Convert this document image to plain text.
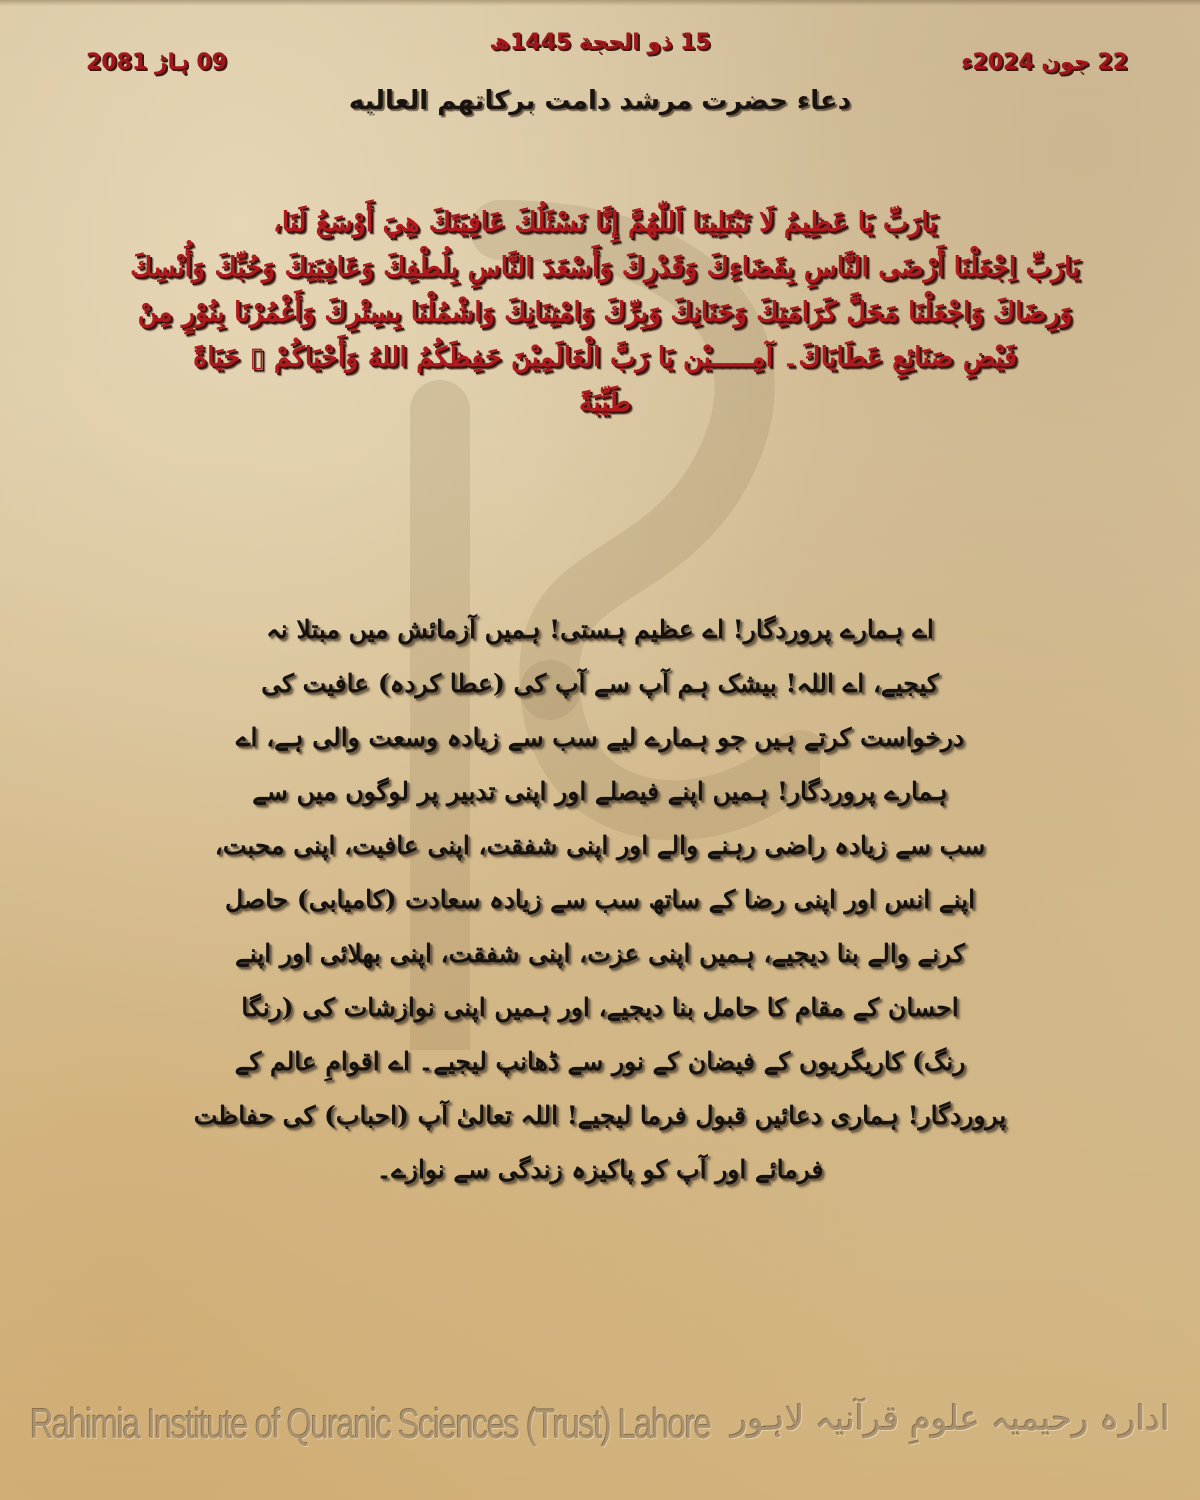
15 ذو الحجة 1445ھ
22 جون 2024ء
09 ہاڑ 2081
دعاء حضرت مرشد دامت برکاتهم العالیه
يَارَبِّ يَا عَظِيمُ لَا تَبْتَلِينَا اَللّٰهُمَّ إِنَّا نَسْئَلُكَ عَافِيَتَكَ هِيَ أَوْسَعُ لَنَا،
يَارَبِّ اِجْعَلْنَا أَرْضَى النَّاسِ بِقَضَاءِكَ وَقَدْرِكَ وَأَسْعَدَ النَّاسِ بِلُطْفِكَ وَعَافِيَتِكَ وَحُبِّكَ وَأُنْسِكَ
وَرِضَاكَ وَاجْعَلْنَا مَحَلَّ كَرَامَتِكَ وَحَنَانِكَ وَبِرِّكَ وَامْتِنَانِكَ وَاشْمُلْنَا بِسِتْرِكَ وَأَغْمُرْنَا بِنُوْرٍ مِنْ
فَيْضِ صَنَائِعِ عَطَايَاكَ۔ آمِـــــيْن يَا رَبَّ الْعَالَمِيْنَ حَفِظَكُمُ اللهُ وَأَحْيَاكُمْ ▯ حَيَاةً
طَيِّبَةً
اے ہمارے پروردگار! اے عظیم ہستی! ہمیں آزمائش میں مبتلا نہ
کیجیے، اے اللہ! بیشک ہم آپ سے آپ کی (عطا کردہ) عافیت کی
درخواست کرتے ہیں جو ہمارے لیے سب سے زیادہ وسعت والی ہے، اے
ہمارے پروردگار! ہمیں اپنے فیصلے اور اپنی تدبیر پر لوگوں میں سے
سب سے زیادہ راضی رہنے والے اور اپنی شفقت، اپنی عافیت، اپنی محبت،
اپنے انس اور اپنی رضا کے ساتھ سب سے زیادہ سعادت (کامیابی) حاصل
کرنے والے بنا دیجیے، ہمیں اپنی عزت، اپنی شفقت، اپنی بھلائی اور اپنے
احسان کے مقام کا حامل بنا دیجیے، اور ہمیں اپنی نوازشات کی (رنگا
رنگ) کاریگریوں کے فیضان کے نور سے ڈھانپ لیجیے۔ اے اقوامِ عالم کے
پروردگار! ہماری دعائیں قبول فرما لیجیے! اللہ تعالیٰ آپ (احباب) کی حفاظت
فرمائے اور آپ کو پاکیزہ زندگی سے نوازے۔
Rahimia Institute of Quranic Sciences (Trust) Lahore ادارہ رحیمیہ علومِ قرآنیہ لاہور
